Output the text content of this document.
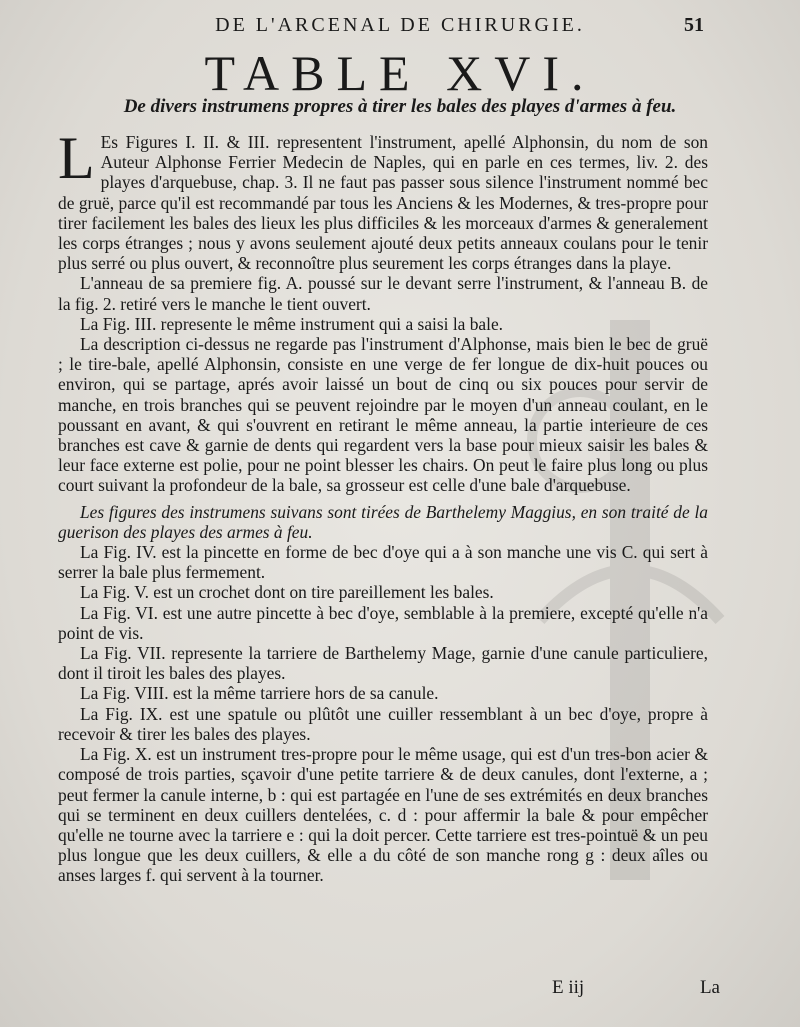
DE L'ARCENAL DE CHIRURGIE.	51
TABLE XVI.
De divers instrumens propres à tirer les bales des playes d'armes à feu.

L Es Figures I. II. & III. representent l'instrument, apellé Alphonsin, du nom de son Auteur Alphonse Ferrier Medecin de Naples, qui en parle en ces termes, liv. 2. des playes d'arquebuse, chap. 3. Il ne faut pas passer sous silence l'instrument nommé bec de gruë, parce qu'il est recommandé par tous les Anciens & les Modernes, & tres-propre pour tirer facilement les bales des lieux les plus difficiles & les morceaux d'armes & generalement les corps étranges ; nous y avons seulement ajouté deux petits anneaux coulans pour le tenir plus serré ou plus ouvert, & reconnoître plus seurement les corps étranges dans la playe.

L'anneau de sa premiere fig. A. poussé sur le devant serre l'instrument, & l'anneau B. de la fig. 2. retiré vers le manche le tient ouvert.

La Fig. III. represente le même instrument qui a saisi la bale.

La description ci-dessus ne regarde pas l'instrument d'Alphonse, mais bien le bec de gruë ; le tire-bale, apellé Alphonsin, consiste en une verge de fer longue de dix-huit pouces ou environ, qui se partage, aprés avoir laissé un bout de cinq ou six pouces pour servir de manche, en trois branches qui se peuvent rejoindre par le moyen d'un anneau coulant, en le poussant en avant, & qui s'ouvrent en retirant le même anneau, la partie interieure de ces branches est cave & garnie de dents qui regardent vers la base pour mieux saisir les bales & leur face externe est polie, pour ne point blesser les chairs. On peut le faire plus long ou plus court suivant la profondeur de la bale, sa grosseur est celle d'une bale d'arquebuse.

Les figures des instrumens suivans sont tirées de Barthelemy Maggius, en son traité de la guerison des playes des armes à feu.

La Fig. IV. est la pincette en forme de bec d'oye qui a à son manche une vis C. qui sert à serrer la bale plus fermement.

La Fig. V. est un crochet dont on tire pareillement les bales.

La Fig. VI. est une autre pincette à bec d'oye, semblable à la premiere, excepté qu'elle n'a point de vis.

La Fig. VII. represente la tarriere de Barthelemy Mage, garnie d'une canule particuliere, dont il tiroit les bales des playes.

La Fig. VIII. est la même tarriere hors de sa canule.

La Fig. IX. est une spatule ou plûtôt une cuiller ressemblant à un bec d'oye, propre à recevoir & tirer les bales des playes.

La Fig. X. est un instrument tres-propre pour le même usage, qui est d'un tres-bon acier & composé de trois parties, sçavoir d'une petite tarriere & de deux canules, dont l'externe, a ; peut fermer la canule interne, b : qui est partagée en l'une de ses extrémités en deux branches qui se terminent en deux cuillers dentelées, c. d : pour affermir la bale & pour empêcher qu'elle ne tourne avec la tarriere e : qui la doit percer. Cette tarriere est tres-pointuë & un peu plus longue que les deux cuillers, & elle a du côté de son manche rong g : deux aîles ou anses larges f. qui servent à la tourner.

E iij	La
